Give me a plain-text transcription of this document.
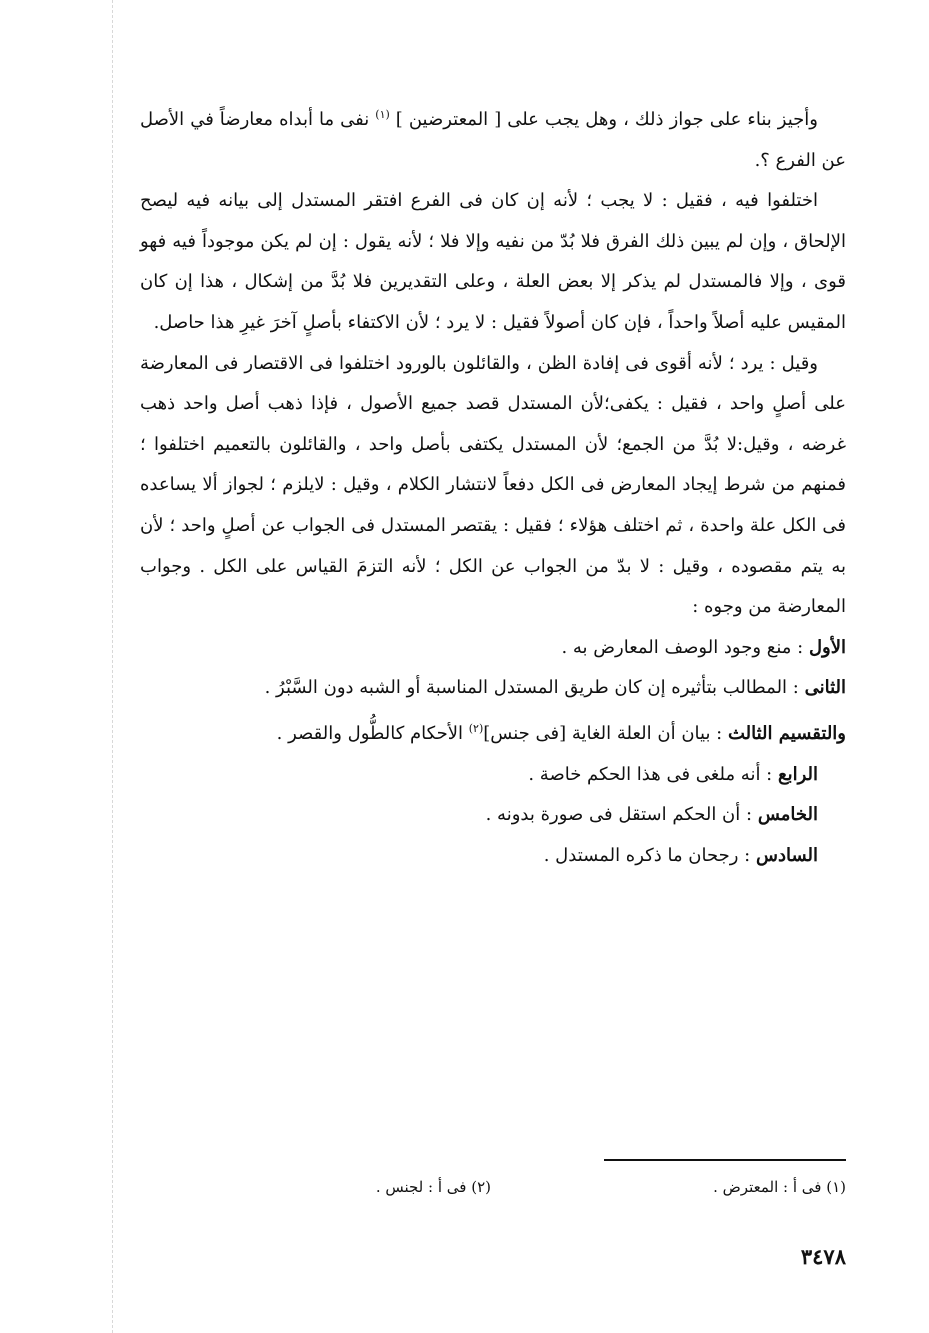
وأجيز بناء على جواز ذلك ، وهل يجب على [ المعترضين ] $^{(١)}$ نفى ما أبداه معارضاً في الأصل عن الفرع ؟.

اختلفوا فيه ، فقيل : لا يجب ؛ لأنه إن كان فى الفرع افتقر المستدل إلى بيانه فيه ليصح الإلحاق ، وإن لم يبين ذلك الفرق فلا بُدّ من نفيه وإلا فلا ؛ لأنه يقول : إن لم يكن موجوداً فيه فهو قوى ، وإلا فالمستدل لم يذكر إلا بعض العلة ، وعلى التقديرين فلا بُدَّ من إشكال ، هذا إن كان المقيس عليه أصلاً واحداً ، فإن كان أصولاً فقيل : لا يرد ؛ لأن الاكتفاء بأصلٍ آخرَ غيرِ هذا حاصل.

وقيل : يرد ؛ لأنه أقوى فى إفادة الظن ، والقائلون بالورود اختلفوا فى الاقتصار فى المعارضة على أصلٍ واحد ، فقيل : يكفى؛لأن المستدل قصد جميع الأصول ، فإذا ذهب أصل واحد ذهب غرضه ، وقيل:لا بُدَّ من الجمع؛ لأن المستدل يكتفى بأصل واحد ، والقائلون بالتعميم اختلفوا ؛ فمنهم من شرط إيجاد المعارض فى الكل دفعاً لانتشار الكلام ، وقيل : لايلزم ؛ لجواز ألا يساعده فى الكل علة واحدة ، ثم اختلف هؤلاء ؛ فقيل : يقتصر المستدل فى الجواب عن أصلٍ واحد ؛ لأن به يتم مقصوده ، وقيل : لا بدّ من الجواب عن الكل ؛ لأنه التزمَ القياس على الكل . وجواب المعارضة من وجوه :

الأول : منع وجود الوصف المعارض به .

الثانى : المطالب بتأثيره إن كان طريق المستدل المناسبة أو الشبه دون السَّبْرُ .

والتقسيم الثالث : بيان أن العلة الغاية [فى جنس]$^{(٢)}$ الأحكام كالطُّول والقصر .

الرابع : أنه ملغى فى هذا الحكم خاصة .

الخامس : أن الحكم استقل فى صورة بدونه .

السادس : رجحان ما ذكره المستدل .

(١) فى أ : المعترض .
(٢) فى أ : لجنس .
٣٤٧٨
